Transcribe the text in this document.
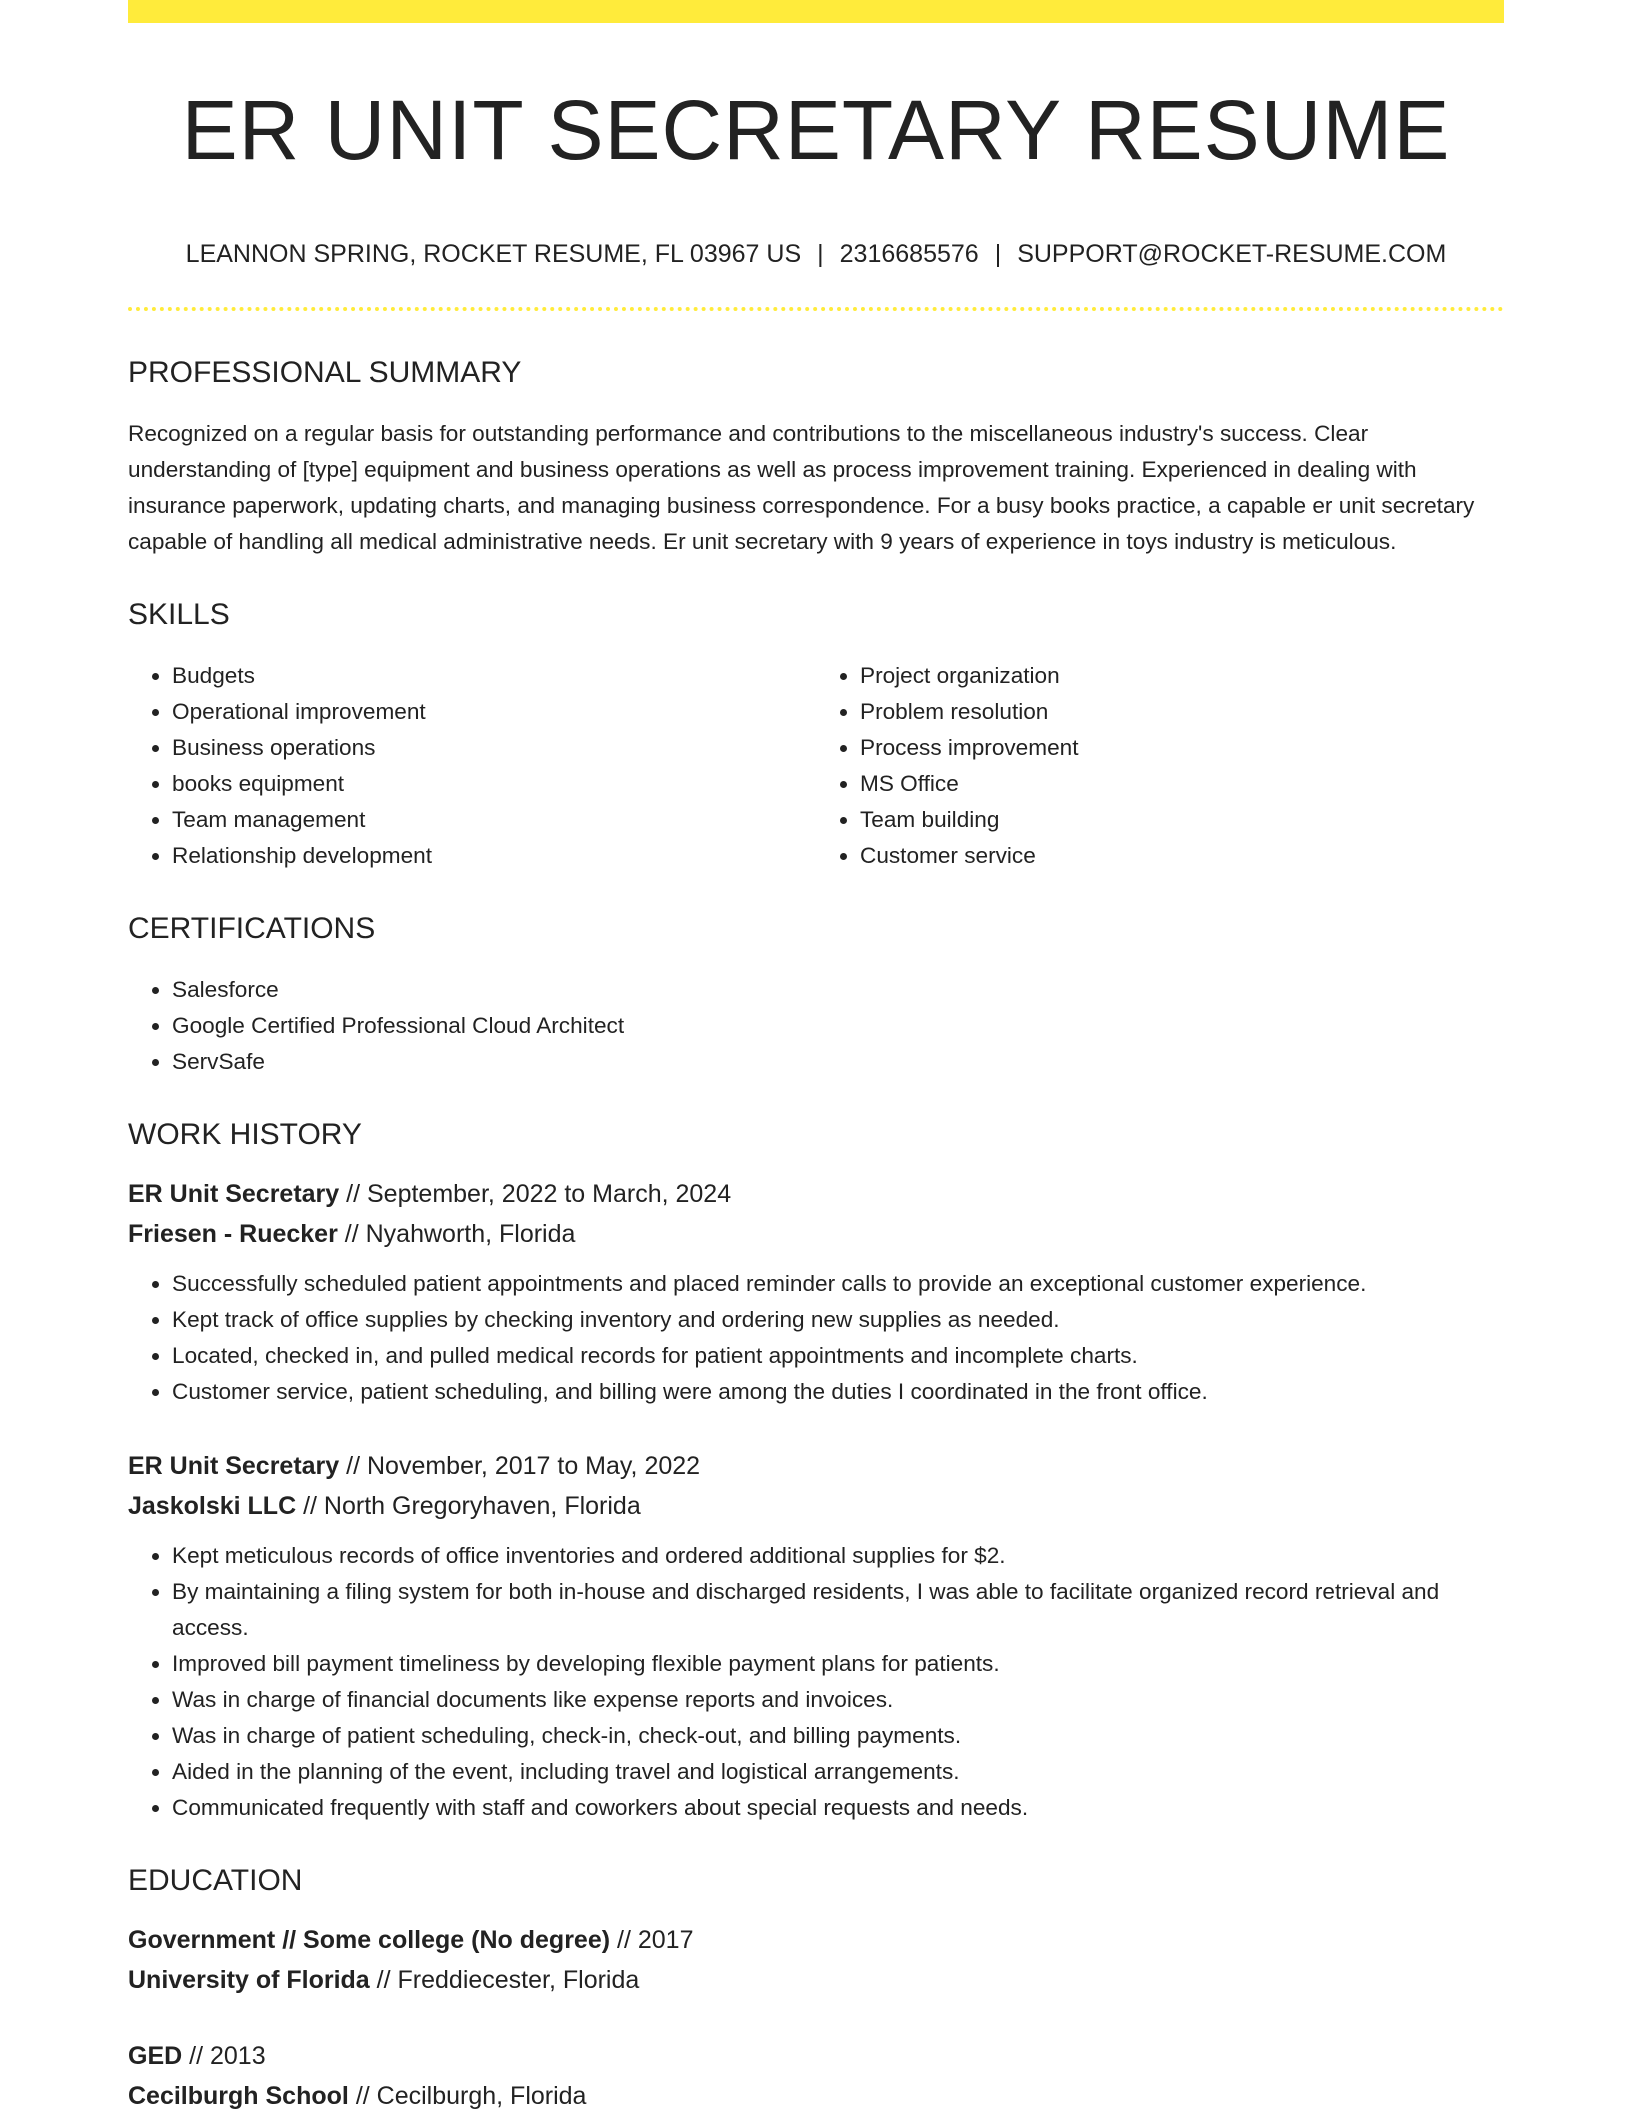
ER UNIT SECRETARY RESUME
LEANNON SPRING, ROCKET RESUME, FL 03967 US | 2316685576 | SUPPORT@ROCKET-RESUME.COM
PROFESSIONAL SUMMARY

Recognized on a regular basis for outstanding performance and contributions to the miscellaneous industry's success. Clear understanding of [type] equipment and business operations as well as process improvement training. Experienced in dealing with insurance paperwork, updating charts, and managing business correspondence. For a busy books practice, a capable er unit secretary capable of handling all medical administrative needs. Er unit secretary with 9 years of experience in toys industry is meticulous.

SKILLS
• Budgets
• Operational improvement
• Business operations
• books equipment
• Team management
• Relationship development
• Project organization
• Problem resolution
• Process improvement
• MS Office
• Team building
• Customer service
CERTIFICATIONS
• Salesforce
• Google Certified Professional Cloud Architect
• ServSafe
WORK HISTORY
ER Unit Secretary // September, 2022 to March, 2024
Friesen - Ruecker // Nyahworth, Florida
• Successfully scheduled patient appointments and placed reminder calls to provide an exceptional customer experience.
• Kept track of office supplies by checking inventory and ordering new supplies as needed.
• Located, checked in, and pulled medical records for patient appointments and incomplete charts.
• Customer service, patient scheduling, and billing were among the duties I coordinated in the front office.
ER Unit Secretary // November, 2017 to May, 2022
Jaskolski LLC // North Gregoryhaven, Florida
• Kept meticulous records of office inventories and ordered additional supplies for $2.
• By maintaining a filing system for both in-house and discharged residents, I was able to facilitate organized record retrieval and access.
• Improved bill payment timeliness by developing flexible payment plans for patients.
• Was in charge of financial documents like expense reports and invoices.
• Was in charge of patient scheduling, check-in, check-out, and billing payments.
• Aided in the planning of the event, including travel and logistical arrangements.
• Communicated frequently with staff and coworkers about special requests and needs.
EDUCATION
Government // Some college (No degree) // 2017
University of Florida // Freddiecester, Florida
GED // 2013
Cecilburgh School // Cecilburgh, Florida
